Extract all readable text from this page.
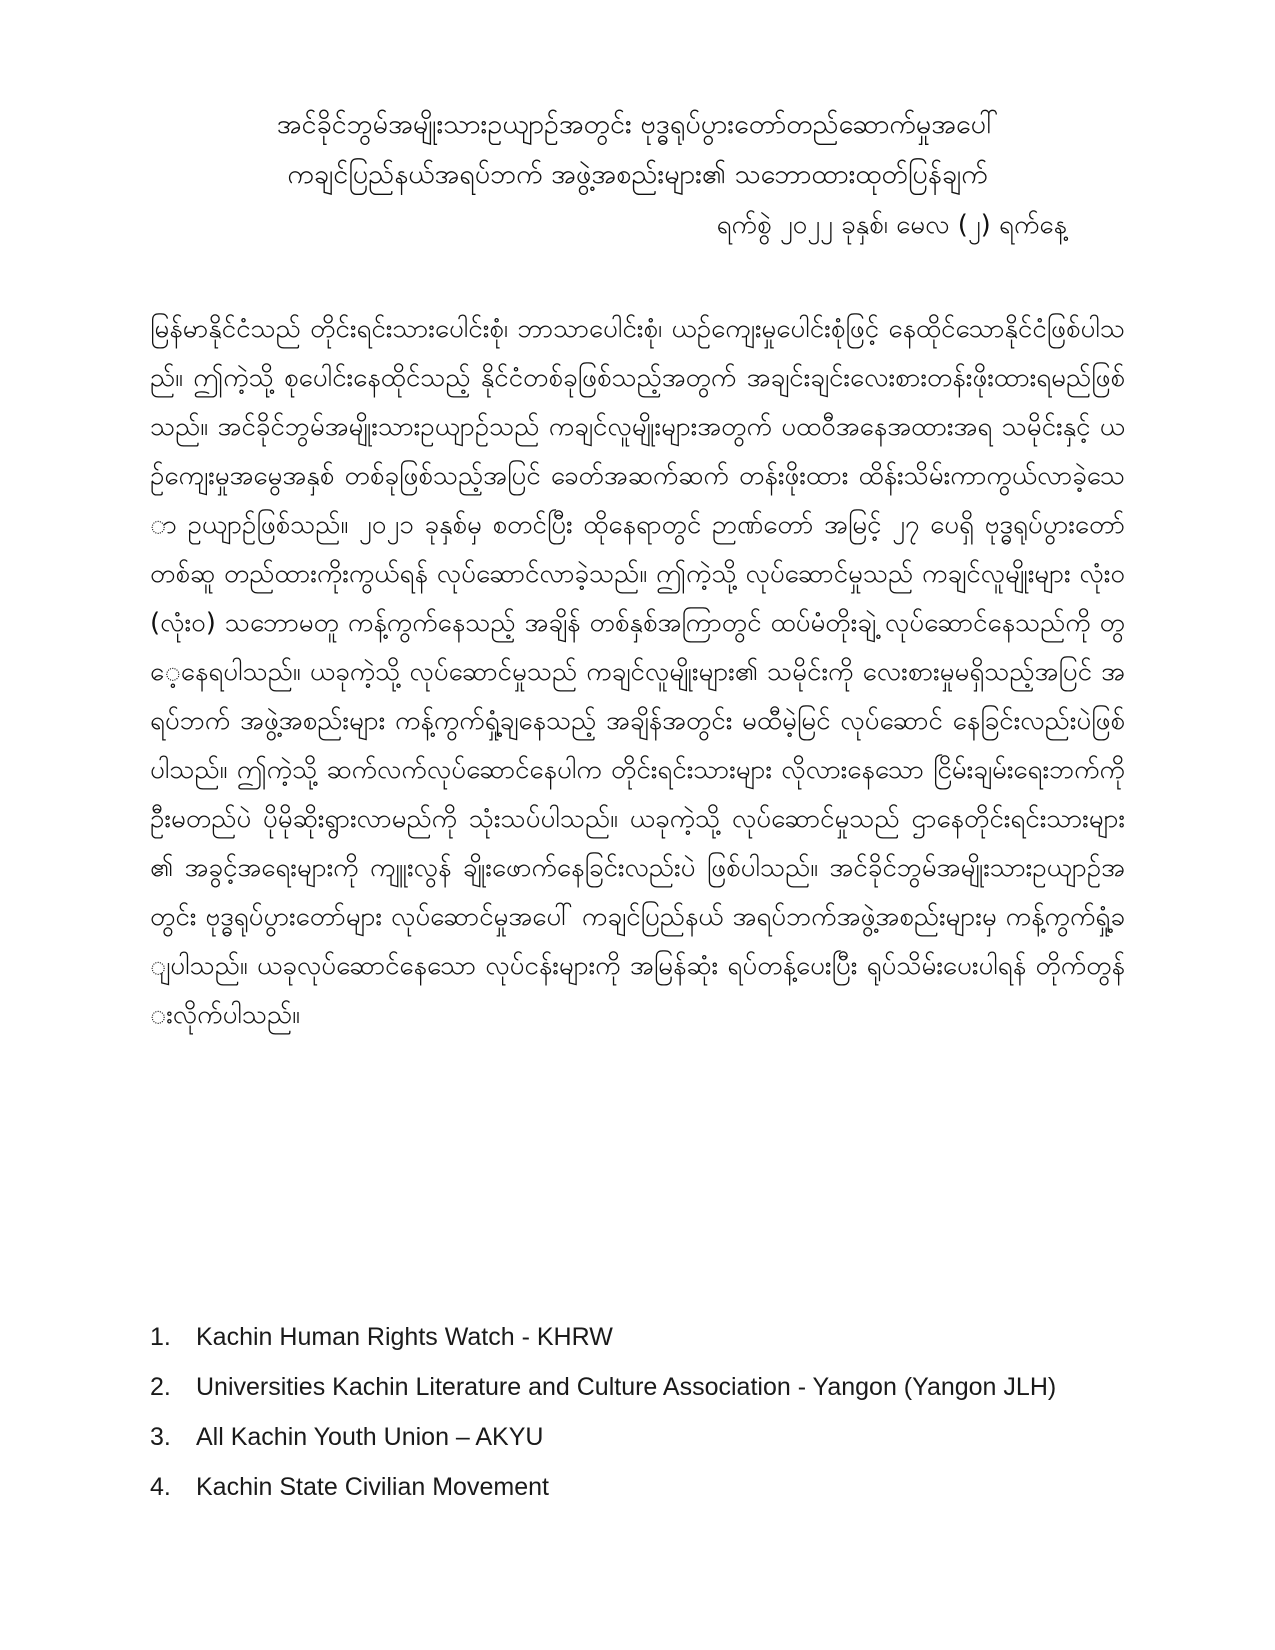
အင်ခိုင်ဘွမ်အမျိုးသားဥယျာဉ်အတွင်း ဗုဒ္ဓရုပ်ပွားတော်တည်ဆောက်မှုအပေါ်
ကချင်ပြည်နယ်အရပ်ဘက် အဖွဲ့အစည်းများ၏ သဘောထားထုတ်ပြန်ချက်
ရက်စွဲ ၂၀၂၂ ခုနှစ်၊ မေလ (၂) ရက်နေ့
မြန်မာနိုင်ငံသည် တိုင်းရင်းသားပေါင်းစုံ၊ ဘာသာပေါင်းစုံ၊ ယဉ်ကျေးမှုပေါင်းစုံဖြင့် နေထိုင်သောနိုင်ငံဖြစ်ပါသည်။ ဤကဲ့သို့ စုပေါင်းနေထိုင်သည့် နိုင်ငံတစ်ခုဖြစ်သည့်အတွက် အချင်းချင်းလေးစားတန်းဖိုးထားရမည်ဖြစ်သည်။ အင်ခိုင်ဘွမ်အမျိုးသားဥယျာဉ်သည် ကချင်လူမျိုးများအတွက် ပထဝီအနေအထားအရ သမိုင်းနှင့် ယဉ်ကျေးမှုအမွေအနှစ် တစ်ခုဖြစ်သည့်အပြင် ခေတ်အဆက်ဆက် တန်းဖိုးထား ထိန်းသိမ်းကာကွယ်လာခဲ့သော ဥယျာဉ်ဖြစ်သည်။ ၂၀၂၁ ခုနှစ်မှ စတင်ပြီး ထိုနေရာတွင် ဉာဏ်တော် အမြင့် ၂၇ ပေရှိ ဗုဒ္ဓရုပ်ပွားတော်တစ်ဆူ တည်ထားကိုးကွယ်ရန် လုပ်ဆောင်လာခဲ့သည်။ ဤကဲ့သို့ လုပ်ဆောင်မှုသည် ကချင်လူမျိုးများ လုံးဝ (လုံးဝ) သဘောမတူ ကန့်ကွက်နေသည့် အချိန် တစ်နှစ်အကြာတွင် ထပ်မံတိုးချဲ့ လုပ်ဆောင်နေသည်ကို တွေ့နေရပါသည်။ ယခုကဲ့သို့ လုပ်ဆောင်မှုသည် ကချင်လူမျိုးများ၏ သမိုင်းကို လေးစားမှုမရှိသည့်အပြင် အရပ်ဘက် အဖွဲ့အစည်းများ ကန့်ကွက်ရှုံ့ချနေသည့် အချိန်အတွင်း မထီမဲ့မြင် လုပ်ဆောင် နေခြင်းလည်းပဲဖြစ်ပါသည်။ ဤကဲ့သို့ ဆက်လက်လုပ်ဆောင်နေပါက တိုင်းရင်းသားများ လိုလားနေသော ငြိမ်းချမ်းရေးဘက်ကို ဦးမတည်ပဲ ပိုမိုဆိုးရွားလာမည်ကို သုံးသပ်ပါသည်။ ယခုကဲ့သို့ လုပ်ဆောင်မှုသည် ဌာနေတိုင်းရင်းသားများ၏ အခွင့်အရေးများကို ကျူးလွန် ချိုးဖောက်နေခြင်းလည်းပဲ ဖြစ်ပါသည်။ အင်ခိုင်ဘွမ်အမျိုးသားဥယျာဉ်အတွင်း ဗုဒ္ဓရုပ်ပွားတော်များ လုပ်ဆောင်မှုအပေါ် ကချင်ပြည်နယ် အရပ်ဘက်အဖွဲ့အစည်းများမှ ကန့်ကွက်ရှုံ့ချပါသည်။ ယခုလုပ်ဆောင်နေသော လုပ်ငန်းများကို အမြန်ဆုံး ရပ်တန့်ပေးပြီး ရုပ်သိမ်းပေးပါရန် တိုက်တွန်းလိုက်ပါသည်။
1.	Kachin Human Rights Watch - KHRW
2.	Universities Kachin Literature and Culture Association - Yangon (Yangon JLH)
3.	All Kachin Youth Union – AKYU
4.	Kachin State Civilian Movement
